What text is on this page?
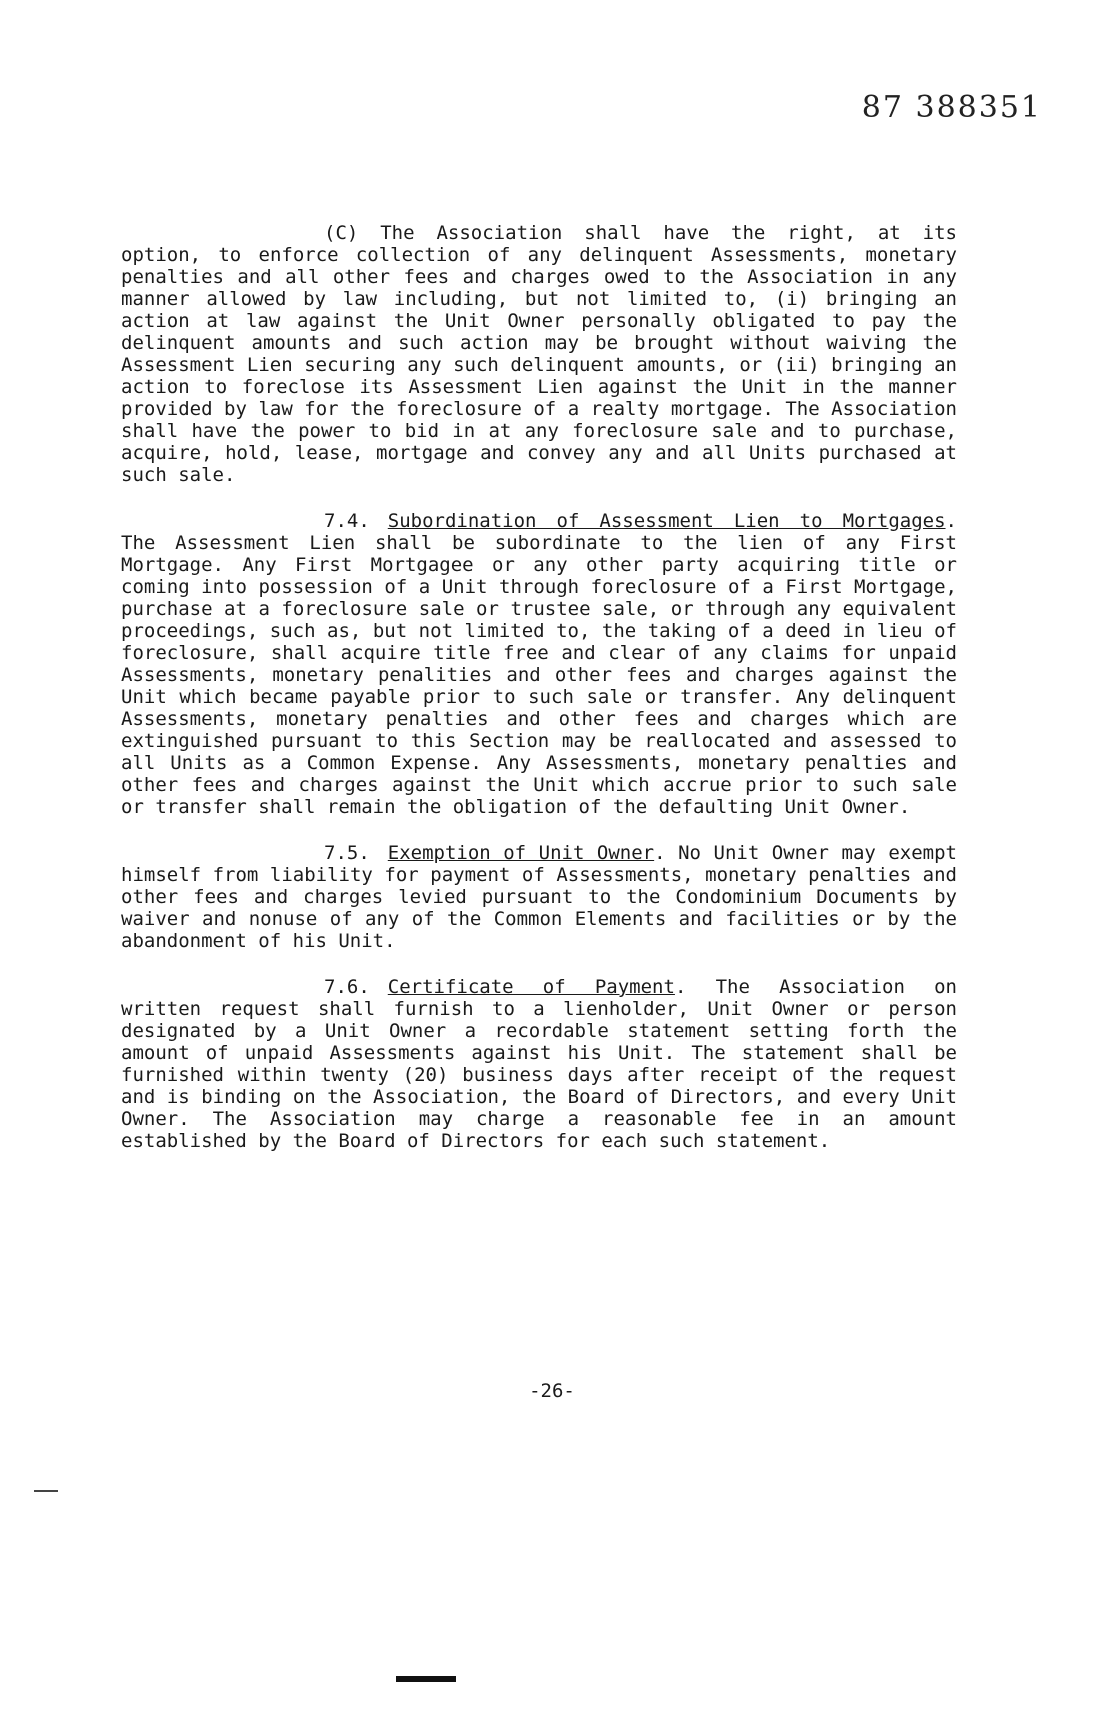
87 388351

(C) The Association shall have the right, at its option, to enforce collection of any delinquent Assessments, monetary penalties and all other fees and charges owed to the Association in any manner allowed by law including, but not limited to, (i) bringing an action at law against the Unit Owner personally obligated to pay the delinquent amounts and such action may be brought without waiving the Assessment Lien securing any such delinquent amounts, or (ii) bringing an action to foreclose its Assessment Lien against the Unit in the manner provided by law for the foreclosure of a realty mortgage. The Association shall have the power to bid in at any foreclosure sale and to purchase, acquire, hold, lease, mortgage and convey any and all Units purchased at such sale.

7.4. Subordination of Assessment Lien to Mortgages. The Assessment Lien shall be subordinate to the lien of any First Mortgage. Any First Mortgagee or any other party acquiring title or coming into possession of a Unit through foreclosure of a First Mortgage, purchase at a foreclosure sale or trustee sale, or through any equivalent proceedings, such as, but not limited to, the taking of a deed in lieu of foreclosure, shall acquire title free and clear of any claims for unpaid Assessments, monetary penalities and other fees and charges against the Unit which became payable prior to such sale or transfer. Any delinquent Assessments, monetary penalties and other fees and charges which are extinguished pursuant to this Section may be reallocated and assessed to all Units as a Common Expense. Any Assessments, monetary penalties and other fees and charges against the Unit which accrue prior to such sale or transfer shall remain the obligation of the defaulting Unit Owner.

7.5. Exemption of Unit Owner. No Unit Owner may exempt himself from liability for payment of Assessments, monetary penalties and other fees and charges levied pursuant to the Condominium Documents by waiver and nonuse of any of the Common Elements and facilities or by the abandonment of his Unit.

7.6. Certificate of Payment. The Association on written request shall furnish to a lienholder, Unit Owner or person designated by a Unit Owner a recordable statement setting forth the amount of unpaid Assessments against his Unit. The statement shall be furnished within twenty (20) business days after receipt of the request and is binding on the Association, the Board of Directors, and every Unit Owner. The Association may charge a reasonable fee in an amount established by the Board of Directors for each such statement.

-26-
